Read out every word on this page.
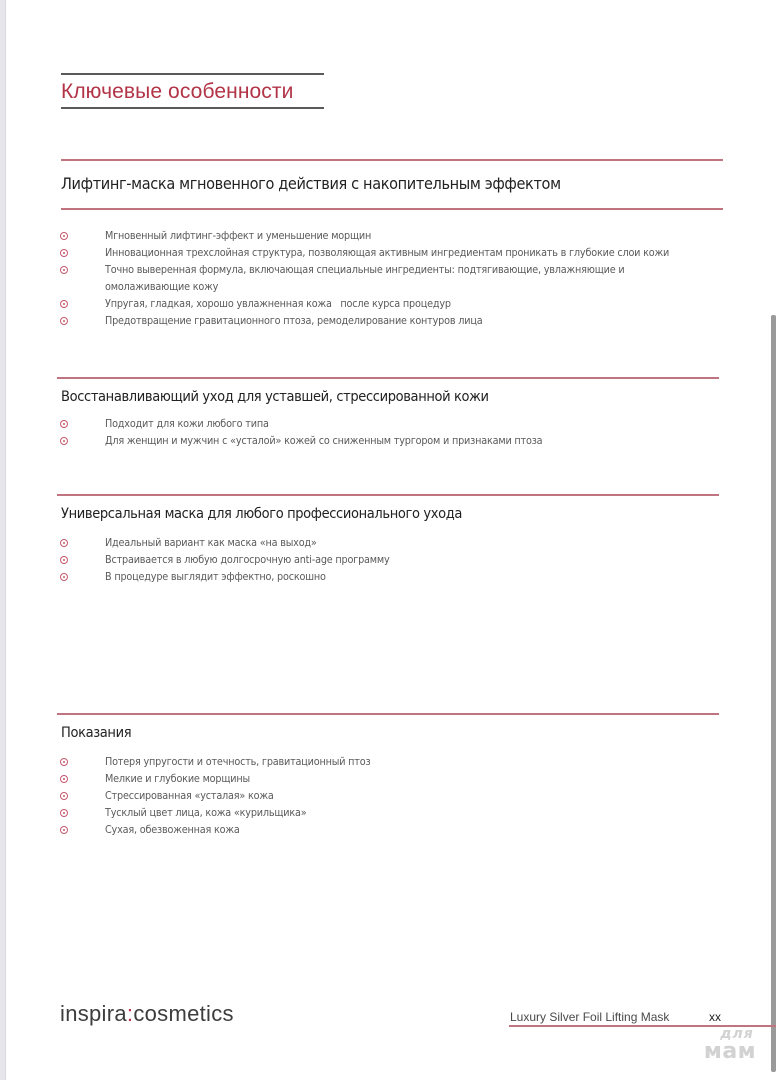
Ключевые особенности
Лифтинг-маска мгновенного действия с накопительным эффектом
Мгновенный лифтинг-эффект и уменьшение морщин
Инновационная трехслойная структура, позволяющая активным ингредиентам проникать в глубокие слои кожи
Точно выверенная формула, включающая специальные ингредиенты: подтягивающие, увлажняющие и
омолаживающие кожу
Упругая, гладкая, хорошо увлажненная кожа   после курса процедур
Предотвращение гравитационного птоза, ремоделирование контуров лица
Восстанавливающий уход для уставшей, стрессированной кожи
Подходит для кожи любого типа
Для женщин и мужчин с «усталой» кожей со сниженным тургором и признаками птоза
Универсальная маска для любого профессионального ухода
Идеальный вариант как маска «на выход»
Встраивается в любую долгосрочную anti-age программу
В процедуре выглядит эффектно, роскошно
Показания
Потеря упругости и отечность, гравитационный птоз
Мелкие и глубокие морщины
Стрессированная «усталая» кожа
Тусклый цвет лица, кожа «курильщика»
Сухая, обезвоженная кожа
inspira:cosmetics	Luxury Silver Foil Lifting Mask	xx
для
мам
